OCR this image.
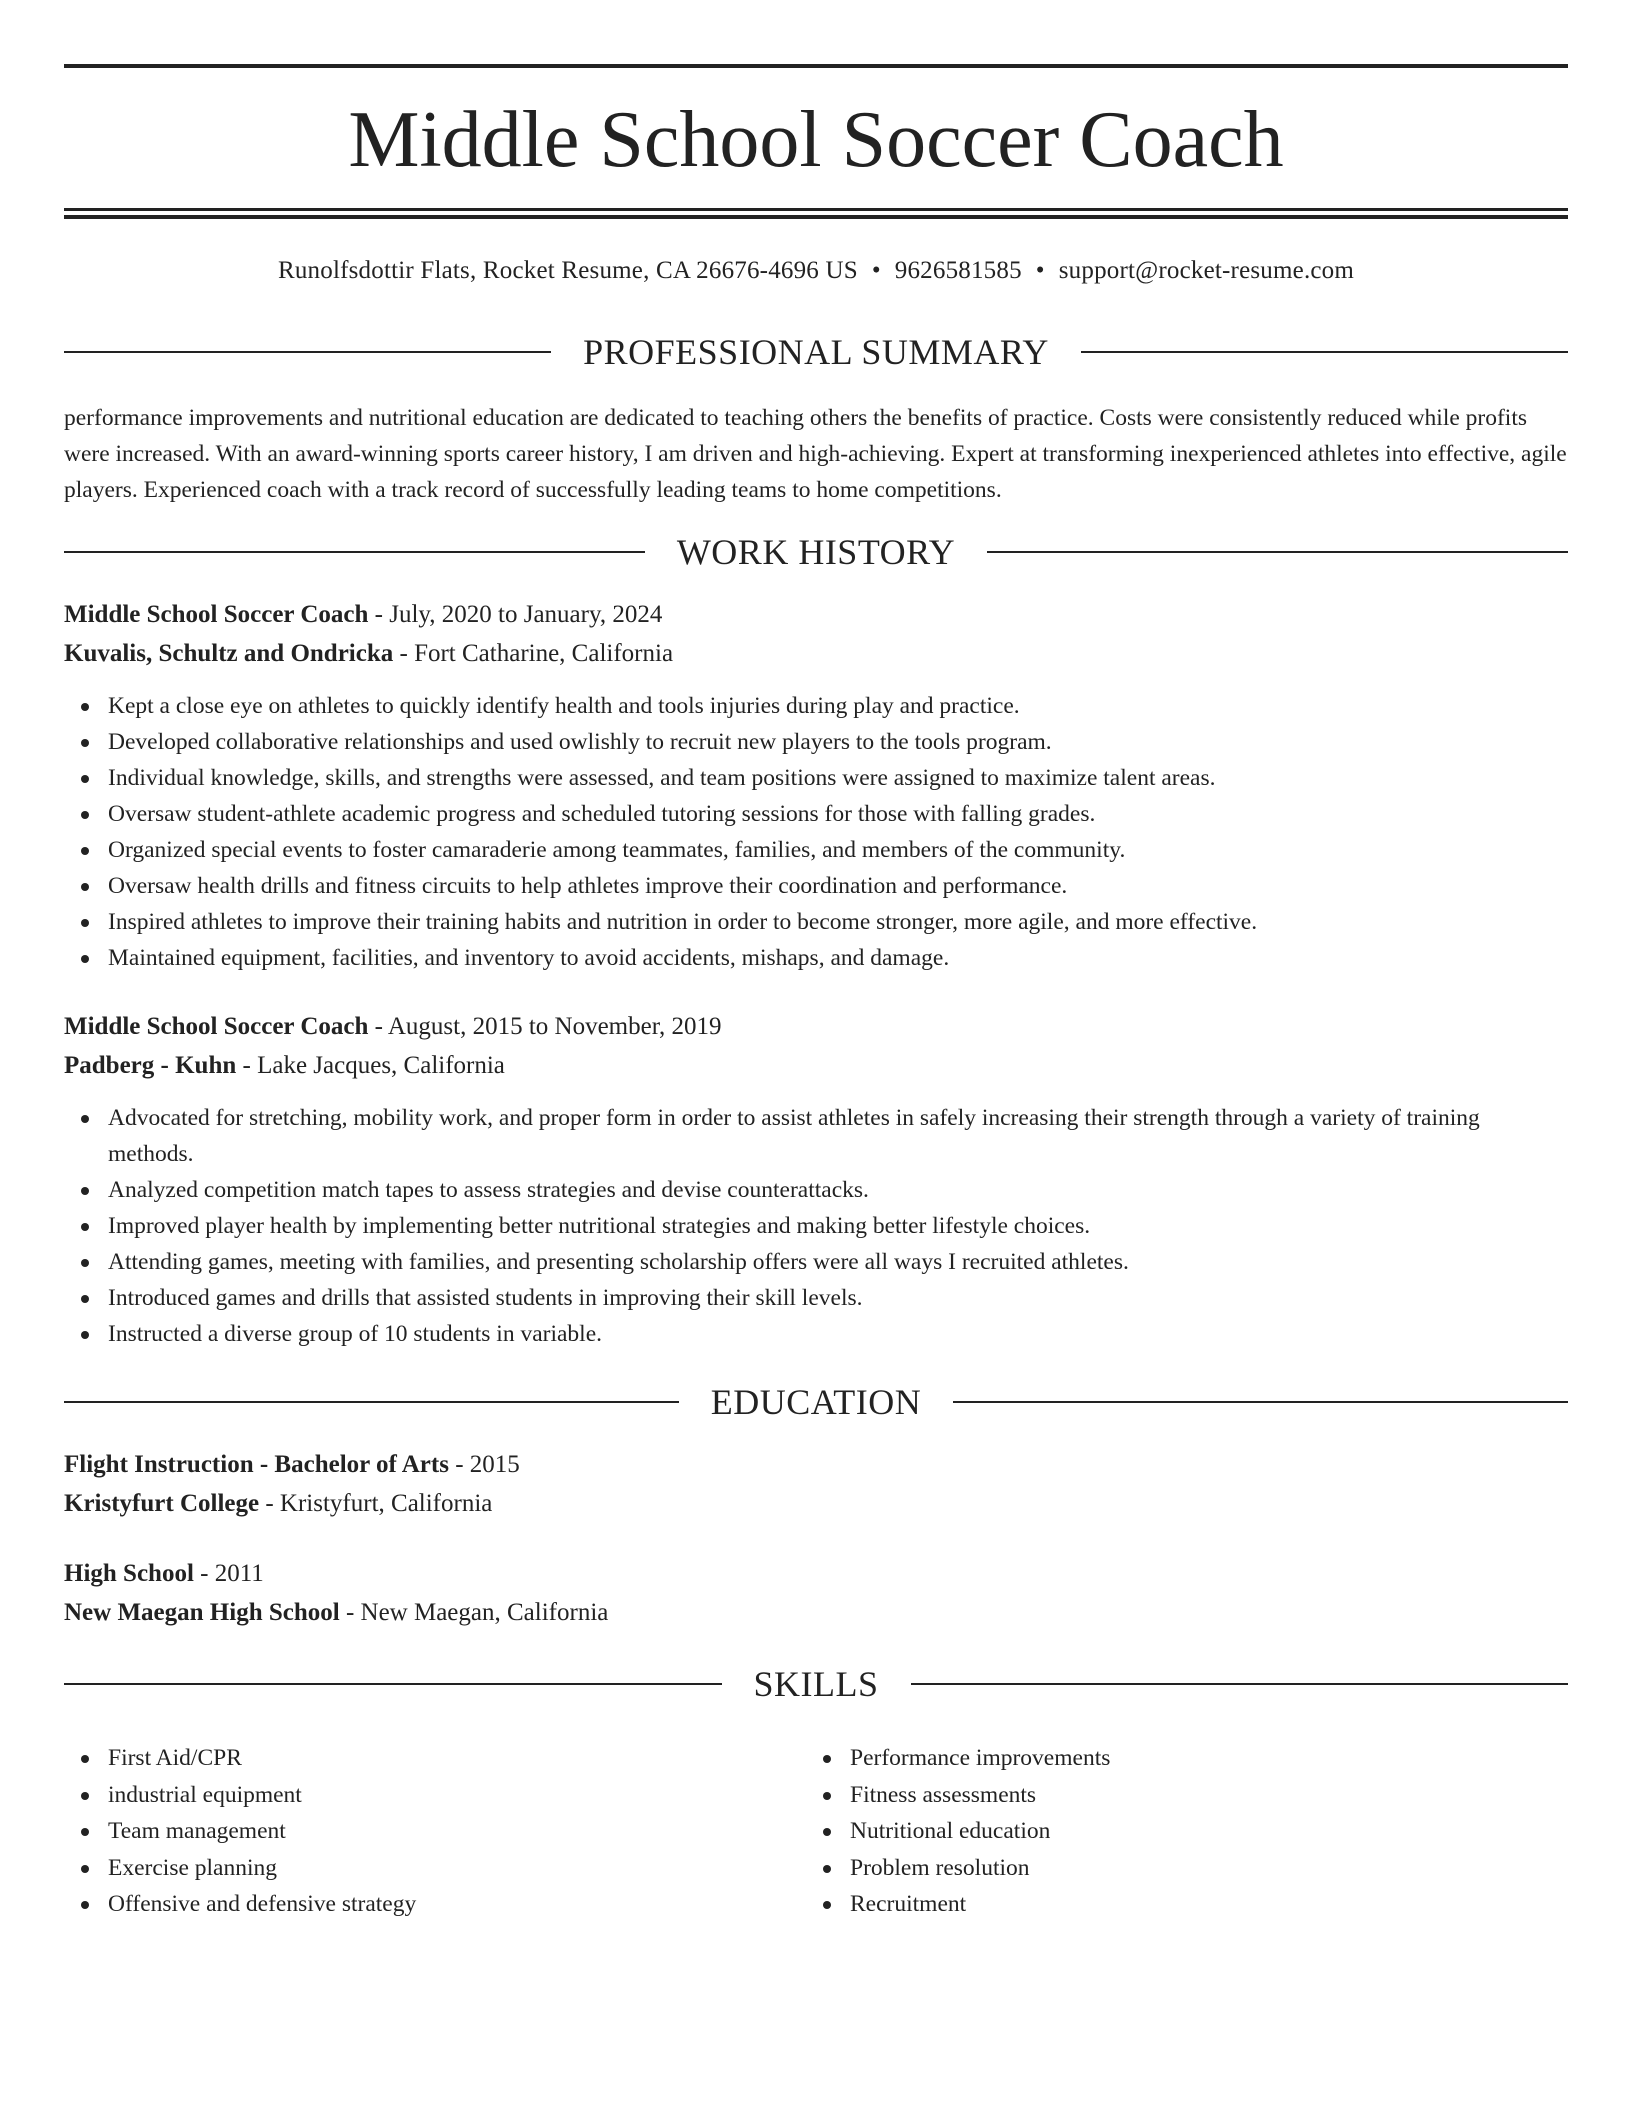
Middle School Soccer Coach
Runolfsdottir Flats, Rocket Resume, CA 26676-4696 US • 9626581585 • support@rocket-resume.com
PROFESSIONAL SUMMARY

performance improvements and nutritional education are dedicated to teaching others the benefits of practice. Costs were consistently reduced while profits were increased. With an award-winning sports career history, I am driven and high-achieving. Expert at transforming inexperienced athletes into effective, agile players. Experienced coach with a track record of successfully leading teams to home competitions.

WORK HISTORY
Middle School Soccer Coach - July, 2020 to January, 2024
Kuvalis, Schultz and Ondricka - Fort Catharine, California
Kept a close eye on athletes to quickly identify health and tools injuries during play and practice.
Developed collaborative relationships and used owlishly to recruit new players to the tools program.
Individual knowledge, skills, and strengths were assessed, and team positions were assigned to maximize talent areas.
Oversaw student-athlete academic progress and scheduled tutoring sessions for those with falling grades.
Organized special events to foster camaraderie among teammates, families, and members of the community.
Oversaw health drills and fitness circuits to help athletes improve their coordination and performance.
Inspired athletes to improve their training habits and nutrition in order to become stronger, more agile, and more effective.
Maintained equipment, facilities, and inventory to avoid accidents, mishaps, and damage.
Middle School Soccer Coach - August, 2015 to November, 2019
Padberg - Kuhn - Lake Jacques, California
Advocated for stretching, mobility work, and proper form in order to assist athletes in safely increasing their strength through a variety of training methods.
Analyzed competition match tapes to assess strategies and devise counterattacks.
Improved player health by implementing better nutritional strategies and making better lifestyle choices.
Attending games, meeting with families, and presenting scholarship offers were all ways I recruited athletes.
Introduced games and drills that assisted students in improving their skill levels.
Instructed a diverse group of 10 students in variable.
EDUCATION
Flight Instruction - Bachelor of Arts - 2015
Kristyfurt College - Kristyfurt, California
High School - 2011
New Maegan High School - New Maegan, California
SKILLS
First Aid/CPR
industrial equipment
Team management
Exercise planning
Offensive and defensive strategy
Performance improvements
Fitness assessments
Nutritional education
Problem resolution
Recruitment
